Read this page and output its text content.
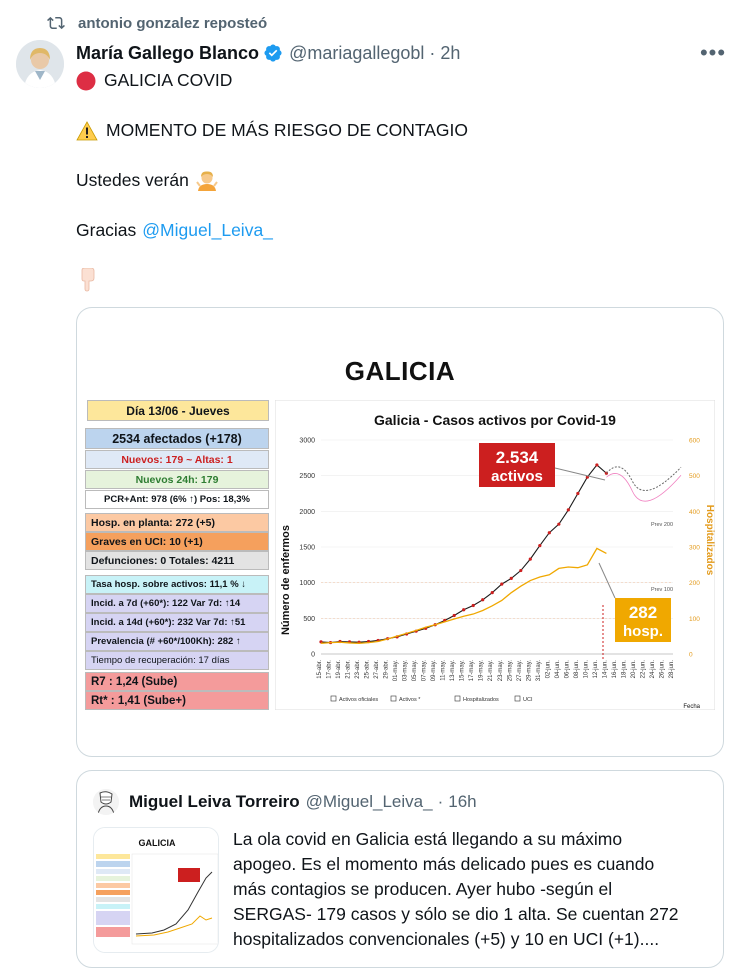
antonio gonzalez reposteó
María Gallego Blanco @mariagallegobl · 2h	•••
GALICIA COVID
MOMENTO DE MÁS RIESGO DE CONTAGIO
Ustedes verán
Gracias @Miguel_Leiva_
GALICIA
Día 13/06 - Jueves
2534 afectados (+178)
Nuevos: 179 ~ Altas: 1
Nuevos 24h: 179
PCR+Ant: 978 (6% ↑) Pos: 18,3%
Hosp. en planta: 272 (+5)
Graves en UCI: 10 (+1)
Defunciones: 0 Totales: 4211
Tasa hosp. sobre activos: 11,1 % ↓
Incid. a 7d (+60*): 122 Var 7d: ↑14
Incid. a 14d (+60*): 232 Var 7d: ↑51
Prevalencia (# +60*/100Kh): 282 ↑
Tiempo de recuperación: 17 días
R7 : 1,24 (Sube)
Rt* : 1,41 (Sube+)
Galicia - Casos activos por Covid-19
0
500
1000
1500
2000
2500
3000
0
100
200
300
400
500
600
15-abr. 17-abr. 19-abr. 21-abr. 23-abr. 25-abr. 27-abr. 29-abr. 01-may. 03-may. 05-may. 07-may. 09-may. 11-may. 13-may. 15-may. 17-may. 19-may. 21-may. 23-may. 25-may. 27-may. 29-may. 31-may. 02-jun. 04-jun. 06-jun. 08-jun. 10-jun. 12-jun. 14-jun. 16-jun. 18-jun. 20-jun. 22-jun. 24-jun. 26-jun. 28-jun.
Número de enfermos	Hospitalizados
Fecha
Prev 200
Prev 100
2.534
activos
282
hosp.
Activos oficiales	Activos *	Hospitalizados	UCI
Miguel Leiva Torreiro @Miguel_Leiva_ · 16h
GALICIA	La ola covid en Galicia está llegando a su máximo
apogeo. Es el momento más delicado pues es cuando
más contagios se producen. Ayer hubo -según el
SERGAS- 179 casos y sólo se dio 1 alta. Se cuentan 272
hospitalizados convencionales (+5) y 10 en UCI (+1)....
